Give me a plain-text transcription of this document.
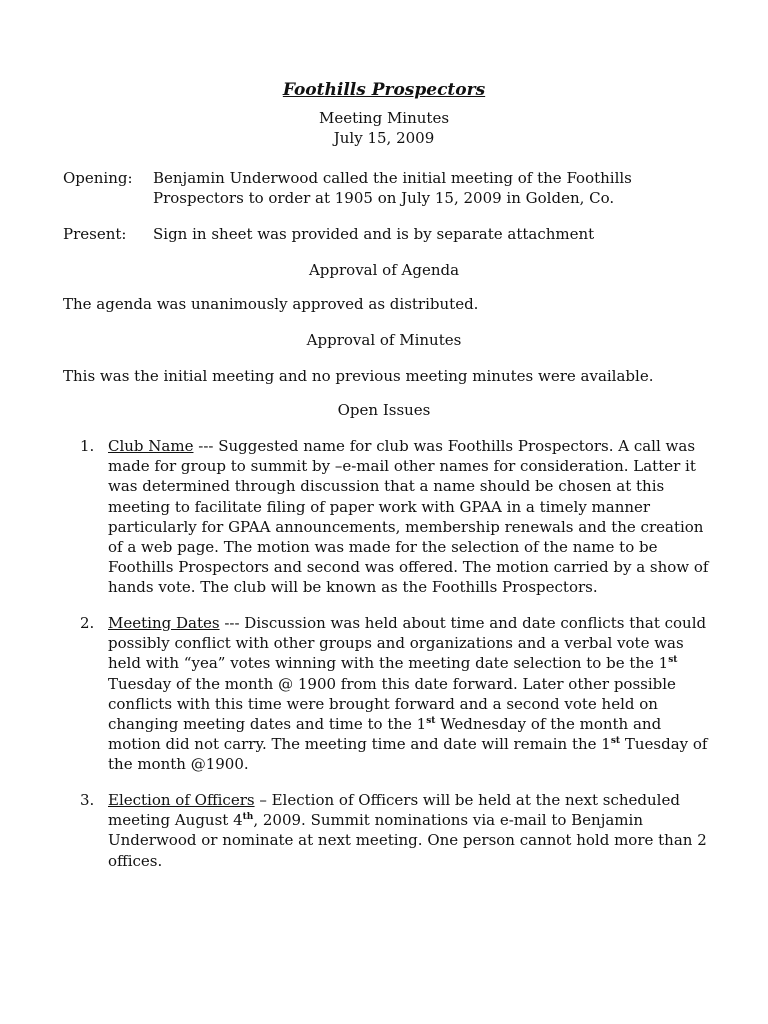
Foothills Prospectors
Meeting Minutes
July 15, 2009
Opening: Benjamin Underwood called the initial meeting of the Foothills Prospectors to order at 1905 on July 15, 2009 in Golden, Co.
Present: Sign in sheet was provided and is by separate attachment
Approval of Agenda
The agenda was unanimously approved as distributed.
Approval of Minutes
This was the initial meeting and no previous meeting minutes were available.
Open Issues
1. Club Name --- Suggested name for club was Foothills Prospectors. A call was made for group to summit by –e-mail other names for consideration. Latter it was determined through discussion that a name should be chosen at this meeting to facilitate filing of paper work with GPAA in a timely manner particularly for GPAA announcements, membership renewals and the creation of a web page. The motion was made for the selection of the name to be Foothills Prospectors and second was offered. The motion carried by a show of hands vote. The club will be known as the Foothills Prospectors.
2. Meeting Dates --- Discussion was held about time and date conflicts that could possibly conflict with other groups and organizations and a verbal vote was held with “yea” votes winning with the meeting date selection to be the 1st Tuesday of the month @ 1900 from this date forward. Later other possible conflicts with this time were brought forward and a second vote held on changing meeting dates and time to the 1st Wednesday of the month and motion did not carry. The meeting time and date will remain the 1st Tuesday of the month @1900.
3. Election of Officers – Election of Officers will be held at the next scheduled meeting August 4th, 2009. Summit nominations via e-mail to Benjamin Underwood or nominate at next meeting. One person cannot hold more than 2 offices.
